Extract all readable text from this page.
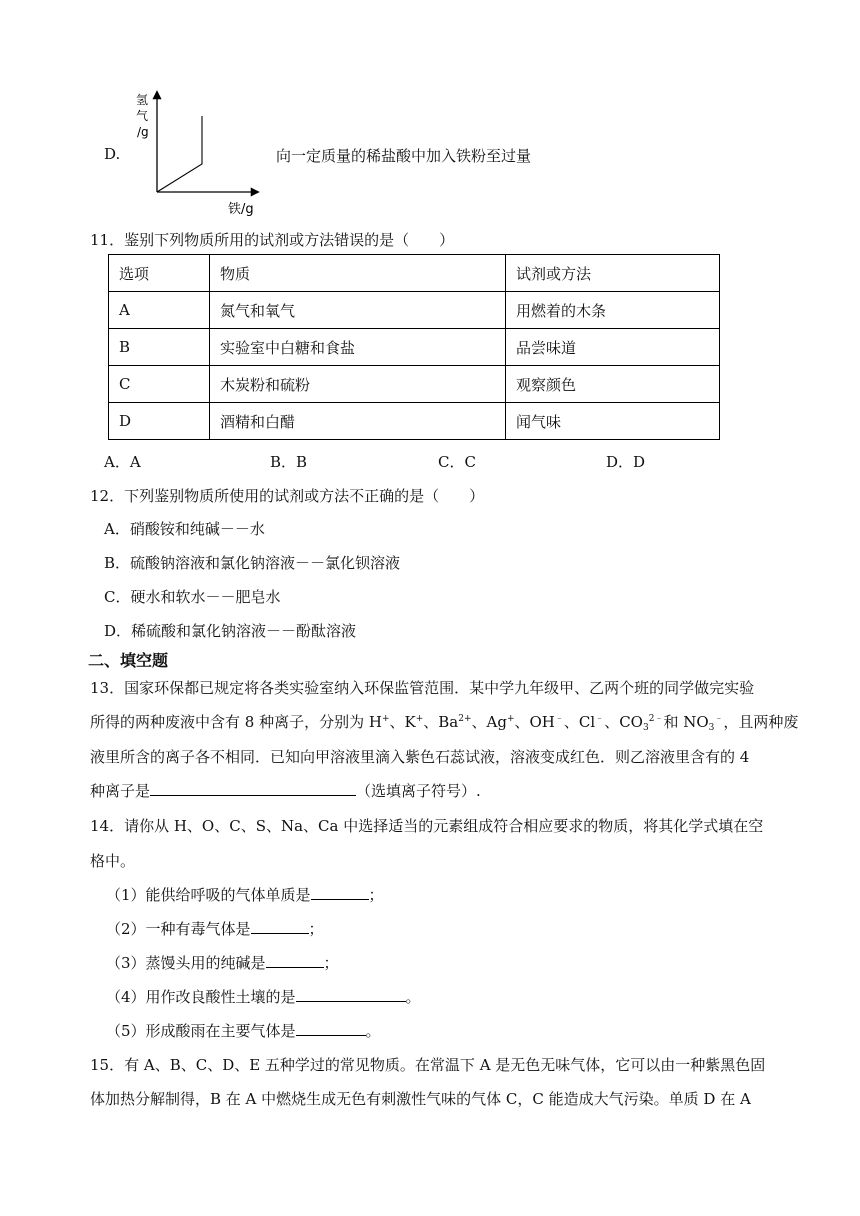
D.
氢 气 /g
铁/g
向一定质量的稀盐酸中加入铁粉至过量
11．鉴别下列物质所用的试剂或方法错误的是（　　）
选项	物质	试剂或方法
A	氮气和氧气	用燃着的木条
B	实验室中白糖和食盐	品尝味道
C	木炭粉和硫粉	观察颜色
D	酒精和白醋	闻气味
A．A	B．B	C．C	D．D
12．下列鉴别物质所使用的试剂或方法不正确的是（　　）
A．硝酸铵和纯碱－－水
B．硫酸钠溶液和氯化钠溶液－－氯化钡溶液
C．硬水和软水－－肥皂水
D．稀硫酸和氯化钠溶液－－酚酞溶液
二、填空题
13．国家环保都已规定将各类实验室纳入环保监管范围．某中学九年级甲、乙两个班的同学做完实验
所得的两种废液中含有 8 种离子，分别为 H+、K+、$Ba^{2+}$、Ag+、OH﹣、Cl﹣、$CO_3^{2﹣}$和 $NO_3^﹣$，且两种废
液里所含的离子各不相同．已知向甲溶液里滴入紫色石蕊试液，溶液变成红色．则乙溶液里含有的 4
种离子是	（选填离子符号）.
14．请你从 H、O、C、S、Na、Ca 中选择适当的元素组成符合相应要求的物质，将其化学式填在空
格中。
（1）能供给呼吸的气体单质是	；
（2）一种有毒气体是	；
（3）蒸馒头用的纯碱是	；
（4）用作改良酸性土壤的是	。
（5）形成酸雨在主要气体是	。
15．有 A、B、C、D、E 五种学过的常见物质。在常温下 A 是无色无味气体，它可以由一种紫黑色固
体加热分解制得，B 在 A 中燃烧生成无色有刺激性气味的气体 C，C 能造成大气污染。单质 D 在 A
